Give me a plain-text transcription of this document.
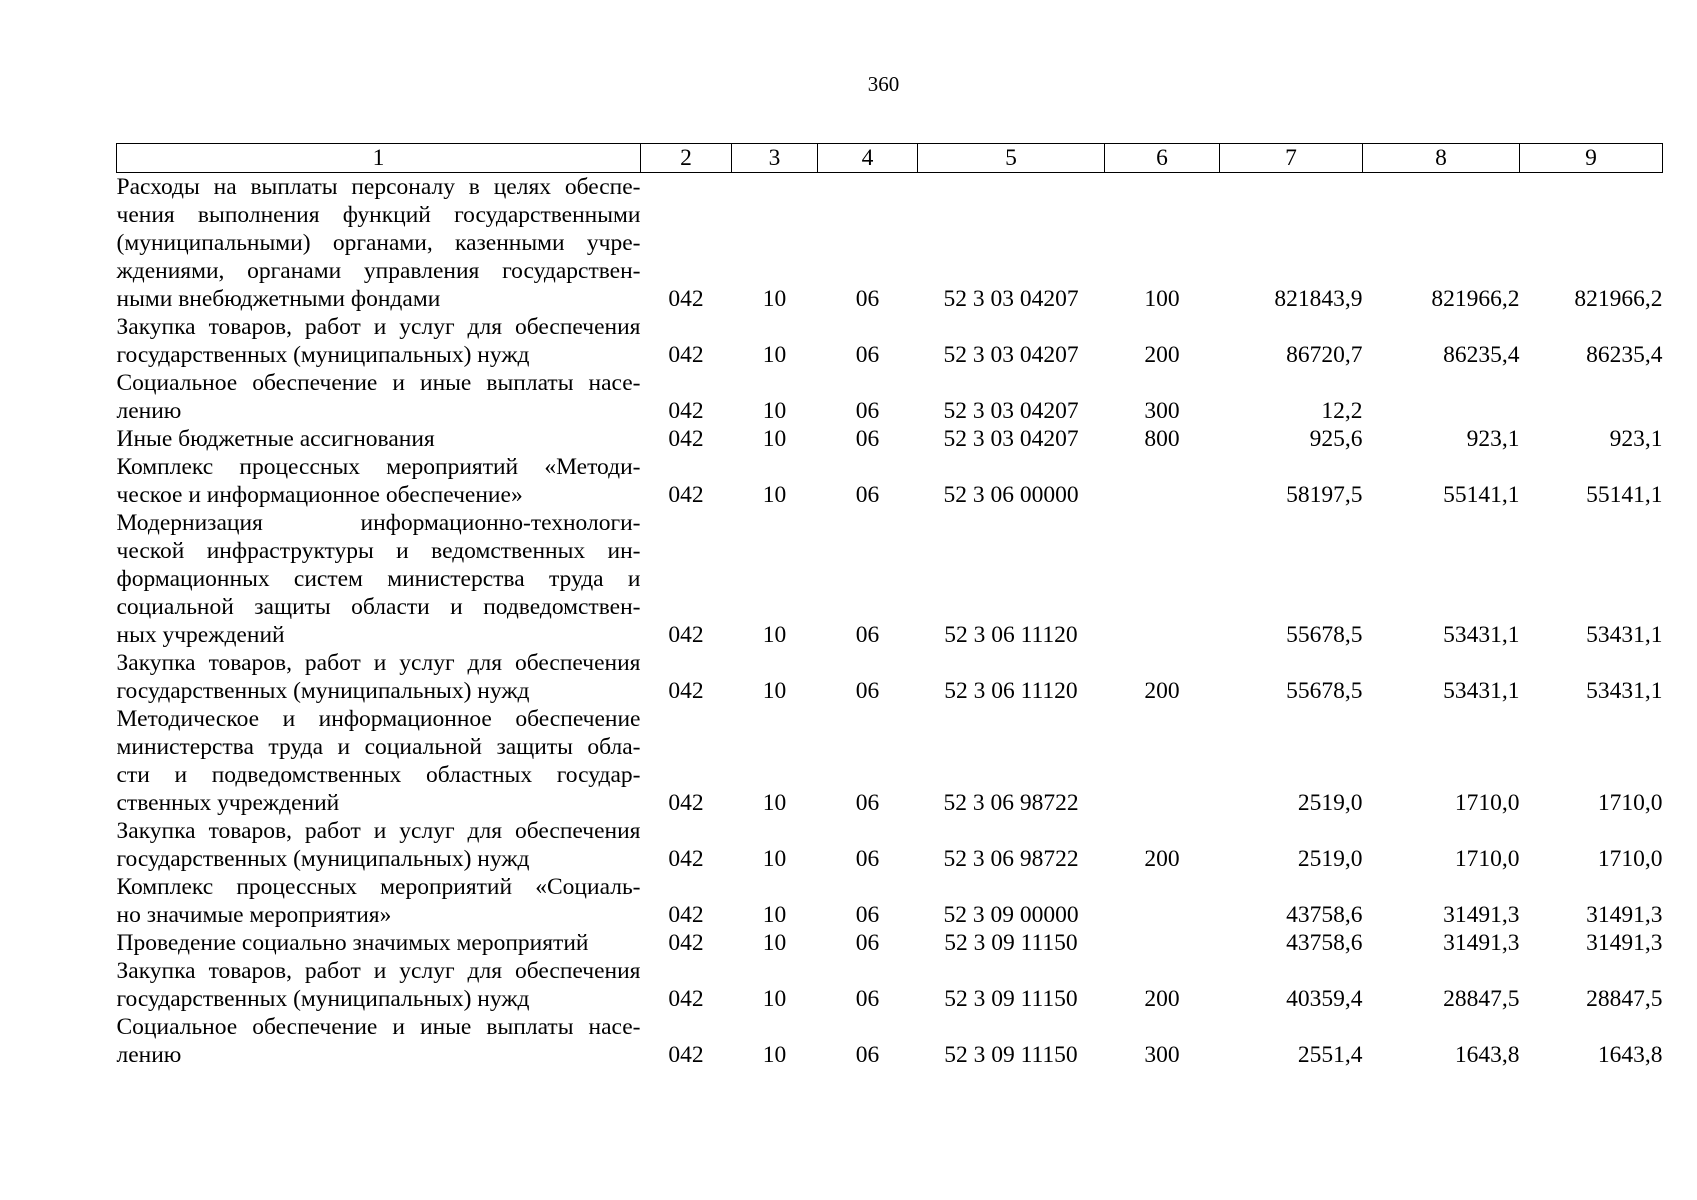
360
1	2	3	4	5	6	7	8	9

Расходы на выплаты персоналу в целях обеспе-
чения выполнения функций государственными
(муниципальными) органами, казенными учре-
ждениями, органами управления государствен-
ными внебюджетными фондами	042	10	06	52 3 03 04207	100	821843,9	821966,2	821966,2

Закупка товаров, работ и услуг для обеспечения
государственных (муниципальных) нужд	042	10	06	52 3 03 04207	200	86720,7	86235,4	86235,4

Социальное обеспечение и иные выплаты насе-
лению	042	10	06	52 3 03 04207	300	12,2		

Иные бюджетные ассигнования	042	10	06	52 3 03 04207	800	925,6	923,1	923,1

Комплекс процессных мероприятий «Методи-
ческое и информационное обеспечение»	042	10	06	52 3 06 00000		58197,5	55141,1	55141,1

Модернизация информационно-технологи-
ческой инфраструктуры и ведомственных ин-
формационных систем министерства труда и
социальной защиты области и подведомствен-
ных учреждений	042	10	06	52 3 06 11120		55678,5	53431,1	53431,1

Закупка товаров, работ и услуг для обеспечения
государственных (муниципальных) нужд	042	10	06	52 3 06 11120	200	55678,5	53431,1	53431,1

Методическое и информационное обеспечение
министерства труда и социальной защиты обла-
сти и подведомственных областных государ-
ственных учреждений	042	10	06	52 3 06 98722		2519,0	1710,0	1710,0

Закупка товаров, работ и услуг для обеспечения
государственных (муниципальных) нужд	042	10	06	52 3 06 98722	200	2519,0	1710,0	1710,0

Комплекс процессных мероприятий «Социаль-
но значимые мероприятия»	042	10	06	52 3 09 00000		43758,6	31491,3	31491,3

Проведение социально значимых мероприятий	042	10	06	52 3 09 11150		43758,6	31491,3	31491,3

Закупка товаров, работ и услуг для обеспечения
государственных (муниципальных) нужд	042	10	06	52 3 09 11150	200	40359,4	28847,5	28847,5

Социальное обеспечение и иные выплаты насе-
лению	042	10	06	52 3 09 11150	300	2551,4	1643,8	1643,8
